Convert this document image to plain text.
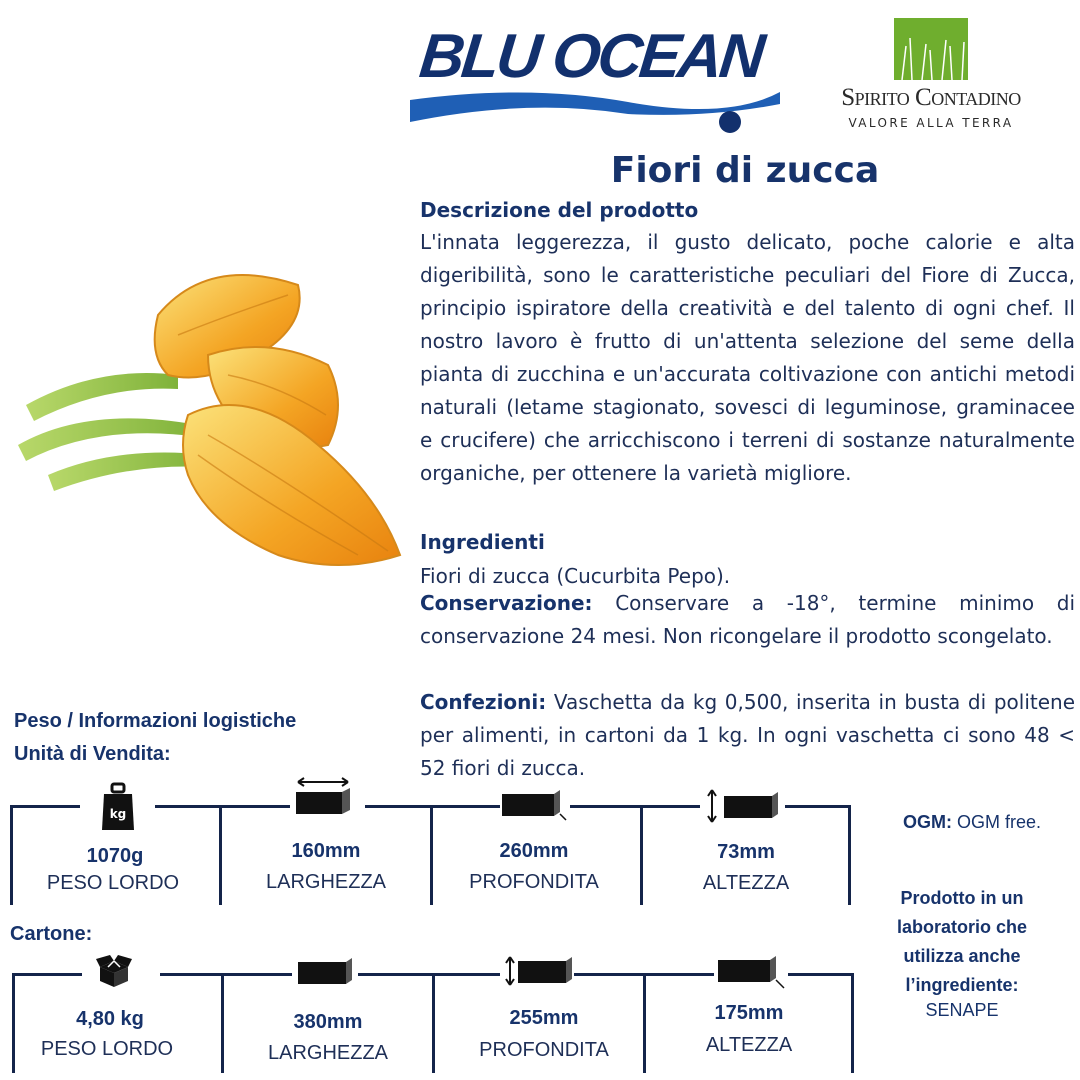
BLU OCEAN
Spirito Contadino
VALORE ALLA TERRA
Fiori di zucca
Descrizione del prodotto
L'innata leggerezza, il gusto delicato, poche calorie e alta digeribilità, sono le caratteristiche peculiari del Fiore di Zucca, principio ispiratore della creatività e del talento di ogni chef. Il nostro lavoro è frutto di un'attenta selezione del seme della pianta di zucchina e un'accurata coltivazione con antichi metodi naturali (letame stagionato, sovesci di leguminose, graminacee e crucifere) che arricchiscono i terreni di sostanze naturalmente organiche, per ottenere la varietà migliore.
Ingredienti
Fiori di zucca (Cucurbita Pepo).
Conservazione: Conservare a -18°, termine minimo di conservazione 24 mesi. Non ricongelare il prodotto scongelato.
Confezioni: Vaschetta da kg 0,500, inserita in busta di politene per alimenti, in cartoni da 1 kg. In ogni vaschetta ci sono 48 < 52 fiori di zucca.
Peso / Informazioni logistiche
Unità di Vendita:
kg
1070g
PESO LORDO
160mm
LARGHEZZA
260mm
PROFONDITA
73mm
ALTEZZA
Cartone:
4,80 kg
PESO LORDO
380mm
LARGHEZZA
255mm
PROFONDITA
175mm
ALTEZZA
OGM: OGM free.
Prodotto in un laboratorio che utilizza anche l’ingrediente:
SENAPE
